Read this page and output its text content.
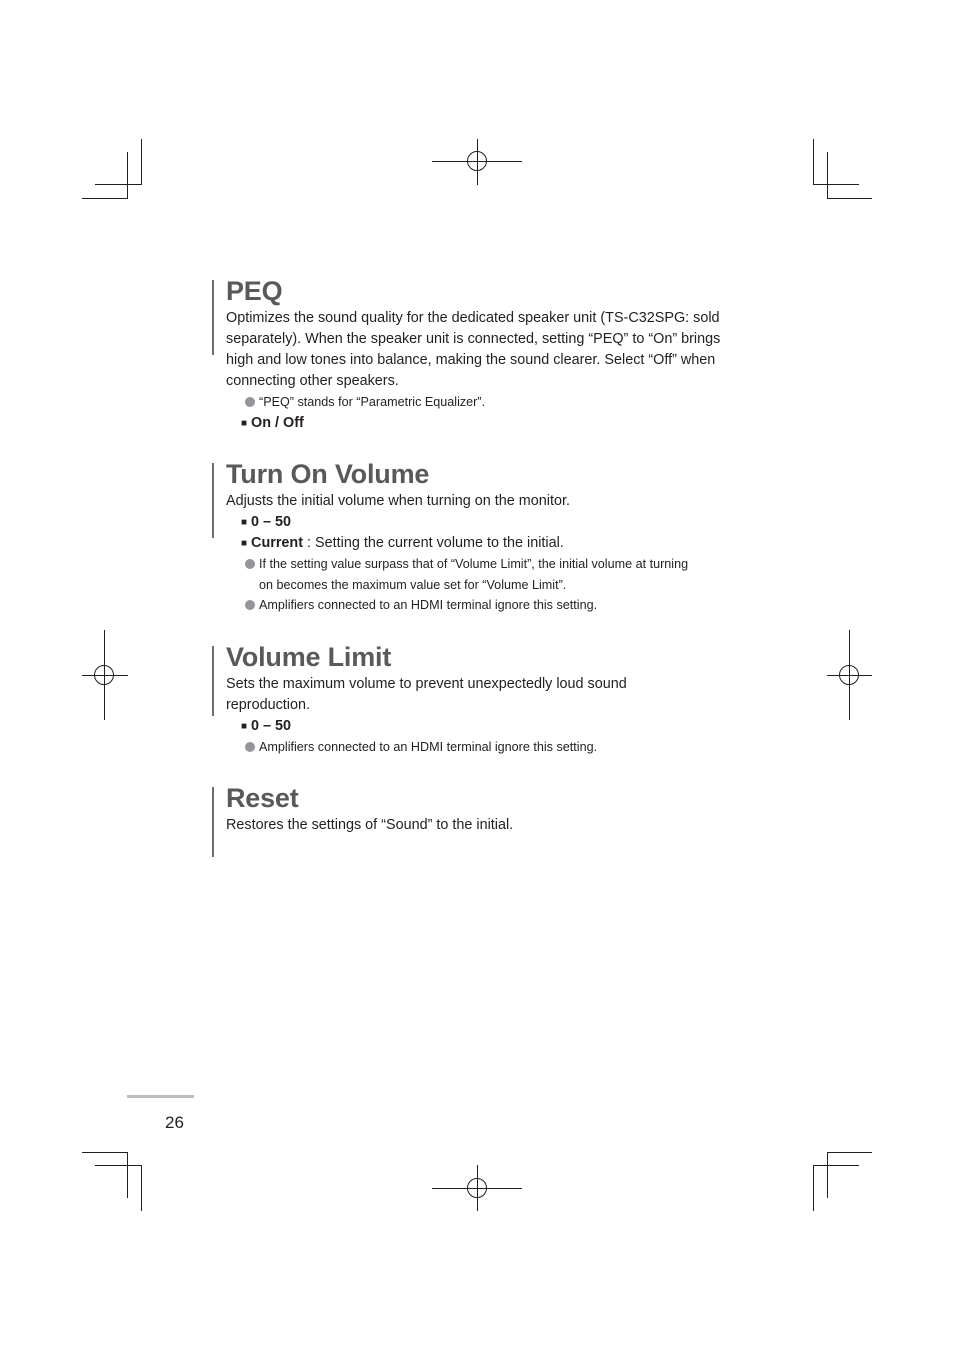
PEQ

Optimizes the sound quality for the dedicated speaker unit (TS-C32SPG: sold separately). When the speaker unit is connected, setting “PEQ” to “On” brings high and low tones into balance, making the sound clearer. Select “Off” when connecting other speakers.

“PEQ” stands for “Parametric Equalizer”.
■ On / Off
Turn On Volume

Adjusts the initial volume when turning on the monitor.

■ 0 – 50
■ Current : Setting the current volume to the initial.
If the setting value surpass that of “Volume Limit”, the initial volume at turning on becomes the maximum value set for “Volume Limit”.
Amplifiers connected to an HDMI terminal ignore this setting.
Volume Limit

Sets the maximum volume to prevent unexpectedly loud sound reproduction.

■ 0 – 50
Amplifiers connected to an HDMI terminal ignore this setting.
Reset

Restores the settings of “Sound” to the initial.

26
